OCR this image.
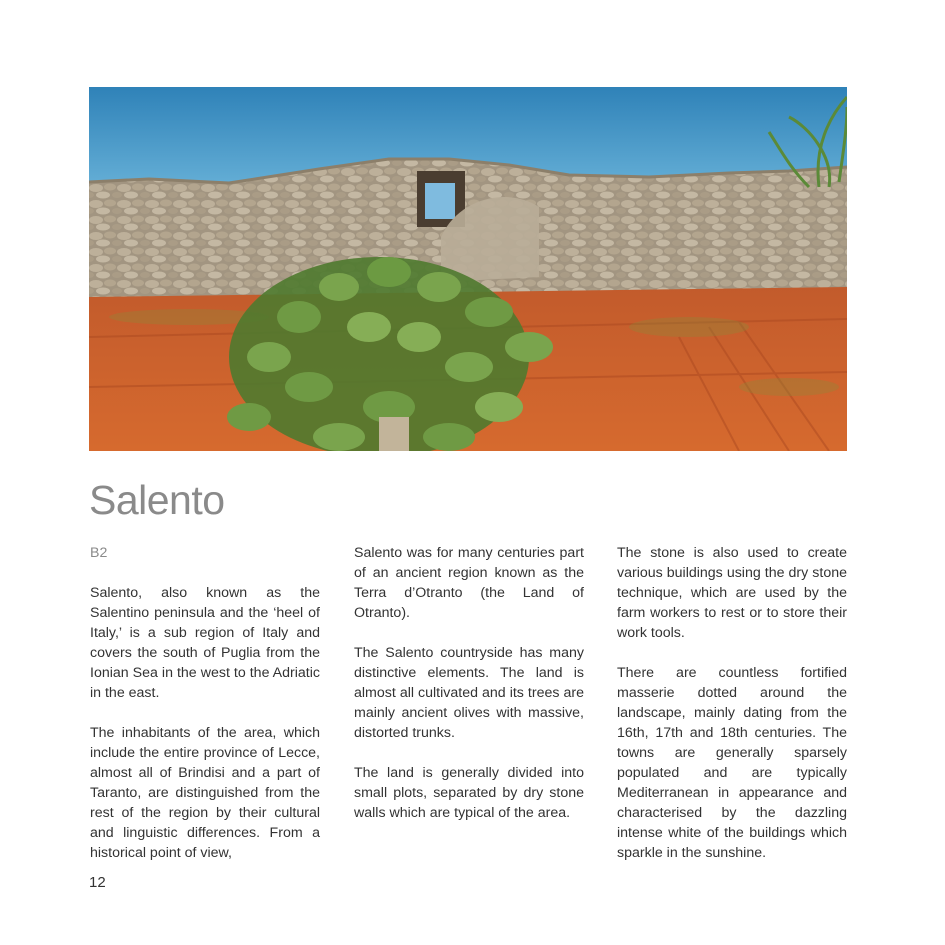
Salento

B2

Salento, also known as the Salentino peninsula and the ‘heel of Italy,’ is a sub region of Italy and covers the south of Puglia from the Ionian Sea in the west to the Adriatic in the east.

The inhabitants of the area, which include the entire province of Lecce, almost all of Brindisi and a part of Taranto, are distinguished from the rest of the region by their cultural and linguistic differences. From a historical point of view,

Salento was for many centuries part of an ancient region known as the Terra d’Otranto (the Land of Otranto).

The Salento countryside has many distinctive elements. The land is almost all cultivated and its trees are mainly ancient olives with massive, distorted trunks.

The land is generally divided into small plots, separated by dry stone walls which are typical of the area.

The stone is also used to create various buildings using the dry stone technique, which are used by the farm workers to rest or to store their work tools.

There are countless fortified masserie dotted around the landscape, mainly dating from the 16th, 17th and 18th centuries. The towns are generally sparsely populated and are typically Mediterranean in appearance and characterised by the dazzling intense white of the buildings which sparkle in the sunshine.

12
